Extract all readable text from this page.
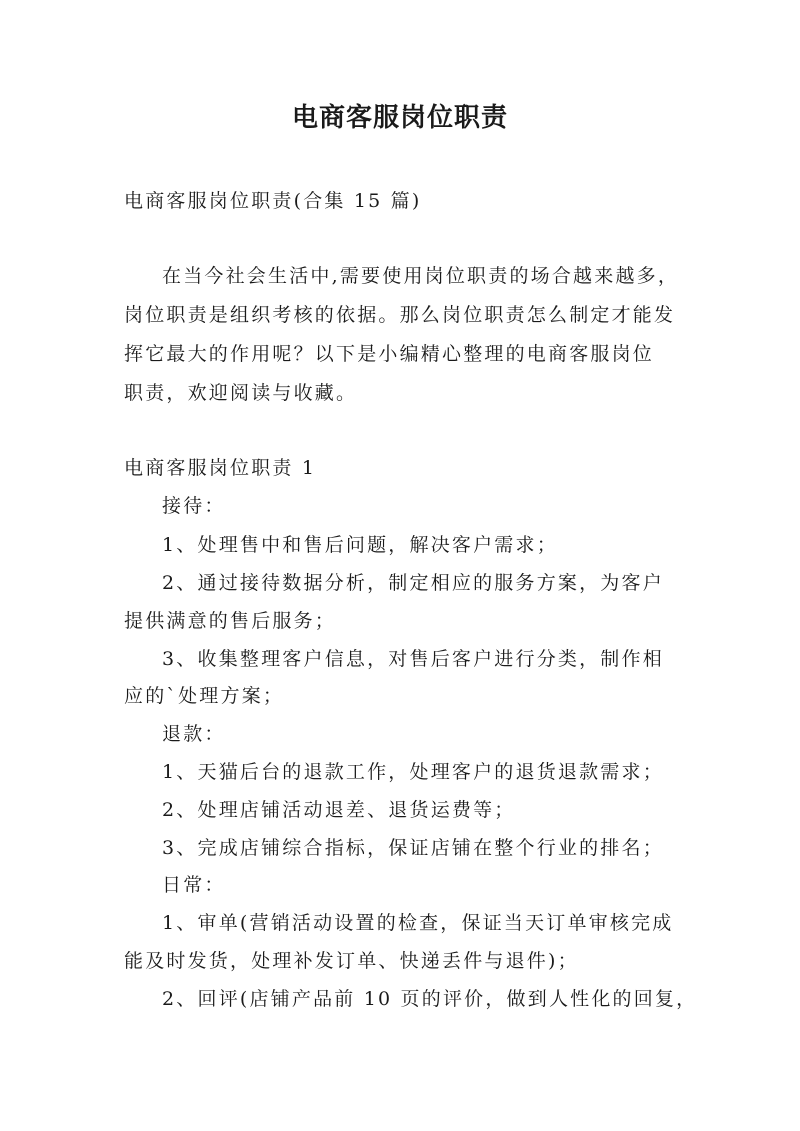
电商客服岗位职责
电商客服岗位职责(合集 15 篇)
在当今社会生活中,需要使用岗位职责的场合越来越多，
岗位职责是组织考核的依据。那么岗位职责怎么制定才能发
挥它最大的作用呢？以下是小编精心整理的电商客服岗位
职责，欢迎阅读与收藏。
电商客服岗位职责 1
接待：
1、处理售中和售后问题，解决客户需求；
2、通过接待数据分析，制定相应的服务方案，为客户
提供满意的售后服务；
3、收集整理客户信息，对售后客户进行分类，制作相
应的`处理方案；
退款：
1、天猫后台的退款工作，处理客户的退货退款需求；
2、处理店铺活动退差、退货运费等；
3、完成店铺综合指标，保证店铺在整个行业的排名；
日常：
1、审单(营销活动设置的检查，保证当天订单审核完成
能及时发货，处理补发订单、快递丢件与退件)；
2、回评(店铺产品前 10 页的评价，做到人性化的回复，
